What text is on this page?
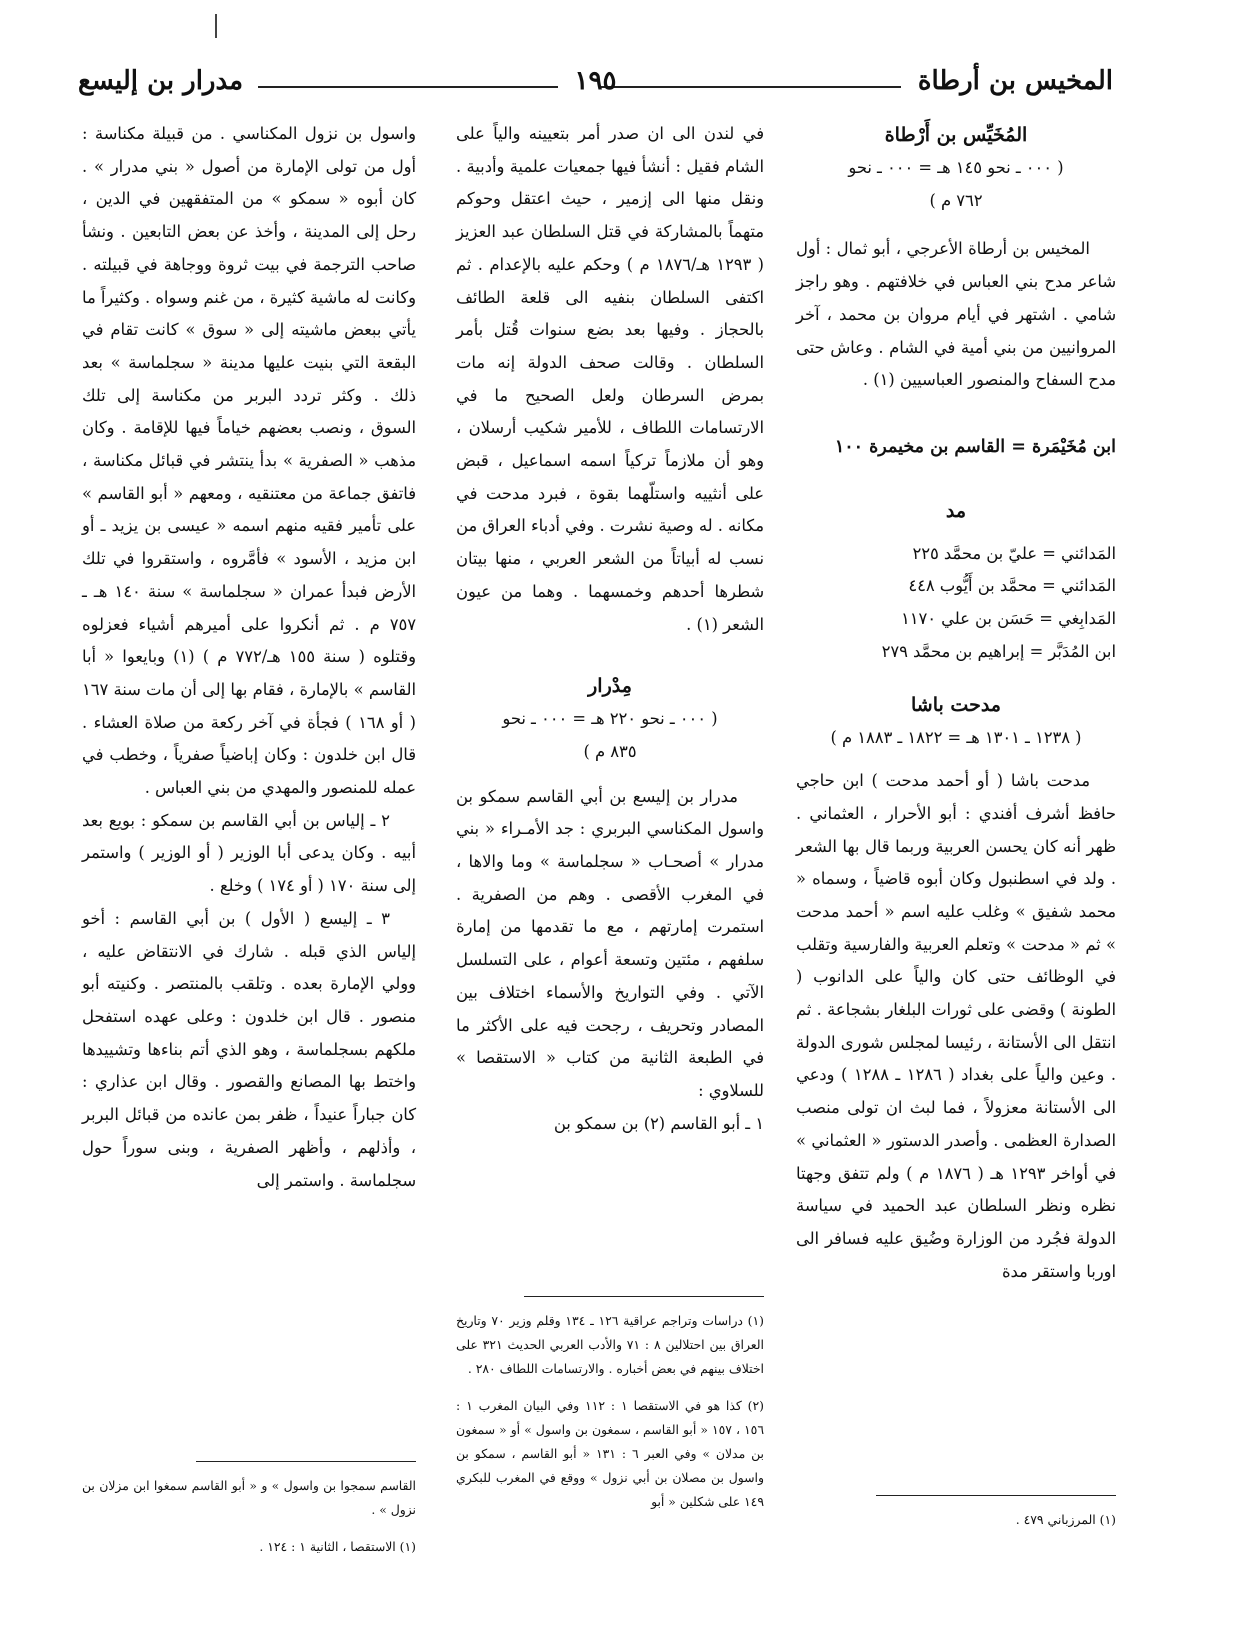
المخيس بن أرطاة
١٩٥
مدرار بن إليسع
المُخَيِّس بن أَرْطاة
( ٠٠٠ ـ نحو ١٤٥ هـ = ٠٠٠ ـ نحو
٧٦٢ م )

المخيس بن أرطاة الأعرجي ، أبو ثمال : أول شاعر مدح بني العباس في خلافتهم . وهو راجز شامي . اشتهر في أيام مروان بن محمد ، آخر المروانيين من بني أمية في الشام . وعاش حتى مدح السفاح والمنصور العباسيين (١) .

ابن مُخَيْمَرة = القاسم بن مخيمرة ١٠٠

مد

المَدائني = عليّ بن محمَّد ٢٢٥

المَدائني = محمَّد بن أَيُّوب ٤٤٨

المَدابِغي = حَسَن بن علي ١١٧٠

ابن المُدَبَّر = إبراهيم بن محمَّد ٢٧٩

مدحت باشا
( ١٢٣٨ ـ ١٣٠١ هـ = ١٨٢٢ ـ ١٨٨٣ م )

مدحت باشا ( أو أحمد مدحت ) ابن حاجي حافظ أشرف أفندي : أبو الأحرار ، العثماني . ظهر أنه كان يحسن العربية وربما قال بها الشعر . ولد في اسطنبول وكان أبوه قاضياً ، وسماه « محمد شفيق » وغلب عليه اسم « أحمد مدحت » ثم « مدحت » وتعلم العربية والفارسية وتقلب في الوظائف حتى كان والياً على الدانوب ( الطونة ) وقضى على ثورات البلغار بشجاعة . ثم انتقل الى الأستانة ، رئيسا لمجلس شورى الدولة . وعين والياً على بغداد ( ١٢٨٦ ـ ١٢٨٨ ) ودعي الى الأستانة معزولاً ، فما لبث ان تولى منصب الصدارة العظمى . وأصدر الدستور « العثماني » في أواخر ١٢٩٣ هـ ( ١٨٧٦ م ) ولم تتفق وجهتا نظره ونظر السلطان عبد الحميد في سياسة الدولة فجُرد من الوزارة وضُيق عليه فسافر الى اوربا واستقر مدة

(١) المرزباني ٤٧٩ .

في لندن الى ان صدر أمر بتعيينه والياً على الشام فقيل : أنشأ فيها جمعيات علمية وأدبية . ونقل منها الى إزمير ، حيث اعتقل وحوكم متهماً بالمشاركة في قتل السلطان عبد العزيز ( ١٢٩٣ هـ/١٨٧٦ م ) وحكم عليه بالإعدام . ثم اكتفى السلطان بنفيه الى قلعة الطائف بالحجاز . وفيها بعد بضع سنوات قُتل بأمر السلطان . وقالت صحف الدولة إنه مات بمرض السرطان ولعل الصحيح ما في الارتسامات اللطاف ، للأمير شكيب أرسلان ، وهو أن ملازماً تركياً اسمه اسماعيل ، قبض على أنثييه واستلّهما بقوة ، فبرد مدحت في مكانه . له وصية نشرت . وفي أدباء العراق من نسب له أبياتاً من الشعر العربي ، منها بيتان شطرها أحدهم وخمسهما . وهما من عيون الشعر (١) .

مِدْرار
( ٠٠٠ ـ نحو ٢٢٠ هـ = ٠٠٠ ـ نحو
٨٣٥ م )

مدرار بن إليسع بن أبي القاسم سمكو بن واسول المكناسي البربري : جد الأمـراء « بني مدرار » أصحـاب « سجلماسة » وما والاها ، في المغرب الأقصى . وهم من الصفرية . استمرت إمارتهم ، مع ما تقدمها من إمارة سلفهم ، مئتين وتسعة أعوام ، على التسلسل الآتي . وفي التواريخ والأسماء اختلاف بين المصادر وتحريف ، رجحت فيه على الأكثر ما في الطبعة الثانية من كتاب « الاستقصا » للسلاوي :

١ ـ أبو القاسم (٢) بن سمكو بن

(١) دراسات وتراجم عراقية ١٢٦ ـ ١٣٤ وقلم وزير ٧٠ وتاريخ العراق بين احتلالين ٨ : ٧١ والأدب العربي الحديث ٣٢١ على اختلاف بينهم في بعض أخباره . والارتسامات اللطاف ٢٨٠ .

(٢) كذا هو في الاستقصا ١ : ١١٢ وفي البيان المغرب ١ : ١٥٦ ، ١٥٧ « أبو القاسم ، سمغون بن واسول » أو « سمغون بن مدلان » وفي العبر ٦ : ١٣١ « أبو القاسم ، سمكو بن واسول بن مصلان بن أبي نزول » ووقع في المغرب للبكري ١٤٩ على شكلين « أبو

واسول بن نزول المكناسي . من قبيلة مكناسة : أول من تولى الإمارة من أصول « بني مدرار » . كان أبوه « سمكو » من المتفقهين في الدين ، رحل إلى المدينة ، وأخذ عن بعض التابعين . ونشأ صاحب الترجمة في بيت ثروة ووجاهة في قبيلته . وكانت له ماشية كثيرة ، من غنم وسواه . وكثيراً ما يأتي ببعض ماشيته إلى « سوق » كانت تقام في البقعة التي بنيت عليها مدينة « سجلماسة » بعد ذلك . وكثر تردد البربر من مكناسة إلى تلك السوق ، ونصب بعضهم خياماً فيها للإقامة . وكان مذهب « الصفرية » بدأ ينتشر في قبائل مكناسة ، فاتفق جماعة من معتنقيه ، ومعهم « أبو القاسم » على تأمير فقيه منهم اسمه « عيسى بن يزيد ـ أو ابن مزيد ، الأسود » فأمَّروه ، واستقروا في تلك الأرض فبدأ عمران « سجلماسة » سنة ١٤٠ هـ ـ ٧٥٧ م . ثم أنكروا على أميرهم أشياء فعزلوه وقتلوه ( سنة ١٥٥ هـ/٧٧٢ م ) (١) وبايعوا « أبا القاسم » بالإمارة ، فقام بها إلى أن مات سنة ١٦٧ ( أو ١٦٨ ) فجأة في آخر ركعة من صلاة العشاء . قال ابن خلدون : وكان إباضياً صفرياً ، وخطب في عمله للمنصور والمهدي من بني العباس .

٢ ـ إلياس بن أبي القاسم بن سمكو : بويع بعد أبيه . وكان يدعى أبا الوزير ( أو الوزير ) واستمر إلى سنة ١٧٠ ( أو ١٧٤ ) وخلع .

٣ ـ إليسع ( الأول ) بن أبي القاسم : أخو إلياس الذي قبله . شارك في الانتقاض عليه ، وولي الإمارة بعده . وتلقب بالمنتصر . وكنيته أبو منصور . قال ابن خلدون : وعلى عهده استفحل ملكهم بسجلماسة ، وهو الذي أتم بناءها وتشييدها واختط بها المصانع والقصور . وقال ابن عذاري : كان جباراً عنيداً ، ظفر بمن عانده من قبائل البربر ، وأذلهم ، وأظهر الصفرية ، وبنى سوراً حول سجلماسة . واستمر إلى

القاسم سمجوا بن واسول » و « أبو القاسم سمغوا ابن مزلان بن نزول » .

(١) الاستقصا ، الثانية ١ : ١٢٤ .
